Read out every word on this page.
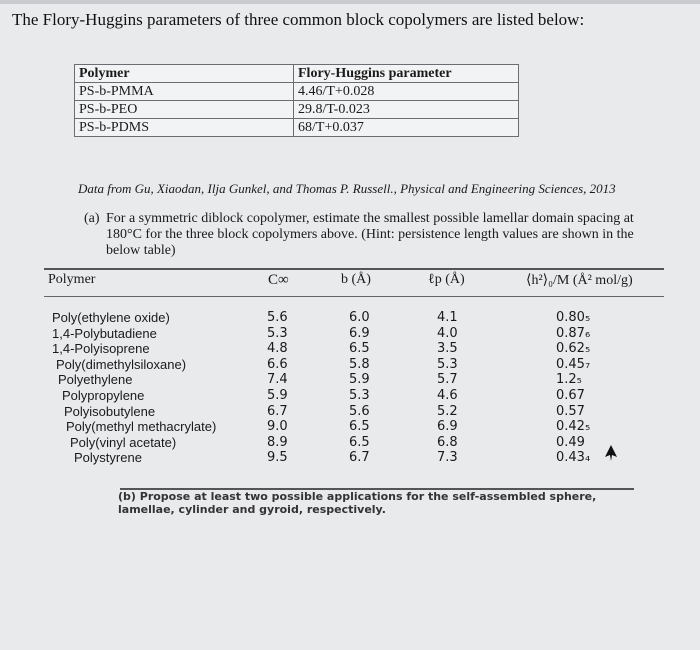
The Flory-Huggins parameters of three common block copolymers are listed below:
Polymer	Flory-Huggins parameter
PS-b-PMMA	4.46/T+0.028
PS-b-PEO	29.8/T-0.023
PS-b-PDMS	68/T+0.037
Data from Gu, Xiaodan, Ilja Gunkel, and Thomas P. Russell., Physical and Engineering Sciences, 2013
(a) For a symmetric diblock copolymer, estimate the smallest possible lamellar domain spacing at 180°C for the three block copolymers above. (Hint: persistence length values are shown in the below table)
Polymer	C∞	b (Å)	ℓp (Å)	⟨h²⟩₀/M (Å² mol/g)
Poly(ethylene oxide)	5.6	6.0	4.1	0.80₅
1,4-Polybutadiene	5.3	6.9	4.0	0.87₆
1,4-Polyisoprene	4.8	6.5	3.5	0.62₅
Poly(dimethylsiloxane)	6.6	5.8	5.3	0.45₇
Polyethylene	7.4	5.9	5.7	1.2₅
Polypropylene	5.9	5.3	4.6	0.67
Polyisobutylene	6.7	5.6	5.2	0.57
Poly(methyl methacrylate)	9.0	6.5	6.9	0.42₅
Poly(vinyl acetate)	8.9	6.5	6.8	0.49
Polystyrene	9.5	6.7	7.3	0.43₄
(b) Propose at least two possible applications for the self-assembled sphere, lamellae, cylinder and gyroid, respectively.
